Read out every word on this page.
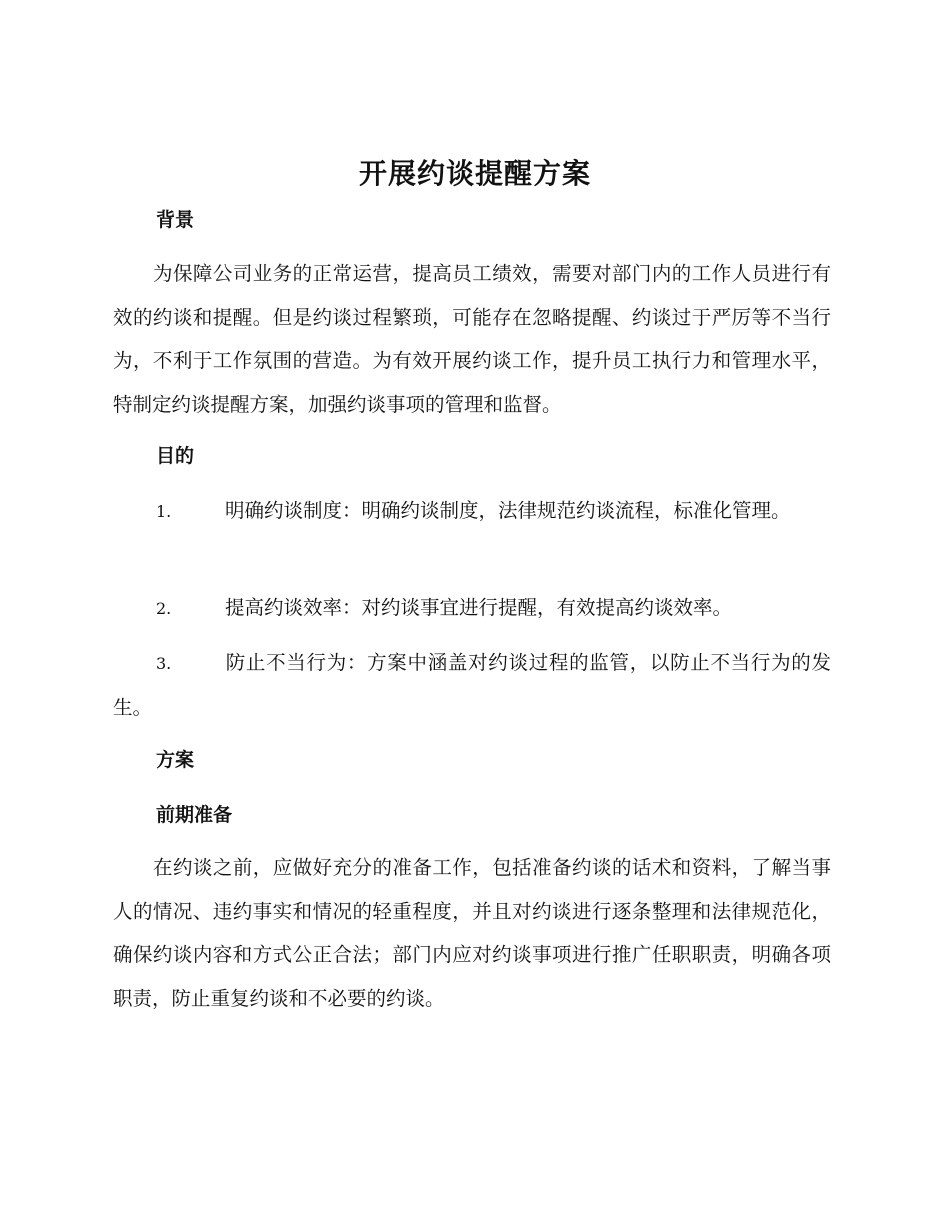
开展约谈提醒方案
背景

为保障公司业务的正常运营，提高员工绩效，需要对部门内的工作人员进行有效的约谈和提醒。但是约谈过程繁琐，可能存在忽略提醒、约谈过于严厉等不当行为，不利于工作氛围的营造。为有效开展约谈工作，提升员工执行力和管理水平，特制定约谈提醒方案，加强约谈事项的管理和监督。

目的

1.	明确约谈制度：明确约谈制度，法律规范约谈流程，标准化管理。

2.	提高约谈效率：对约谈事宜进行提醒，有效提高约谈效率。

3.	防止不当行为：方案中涵盖对约谈过程的监管，以防止不当行为的发生。

方案
前期准备

在约谈之前，应做好充分的准备工作，包括准备约谈的话术和资料，了解当事人的情况、违约事实和情况的轻重程度，并且对约谈进行逐条整理和法律规范化，确保约谈内容和方式公正合法；部门内应对约谈事项进行推广任职职责，明确各项职责，防止重复约谈和不必要的约谈。
